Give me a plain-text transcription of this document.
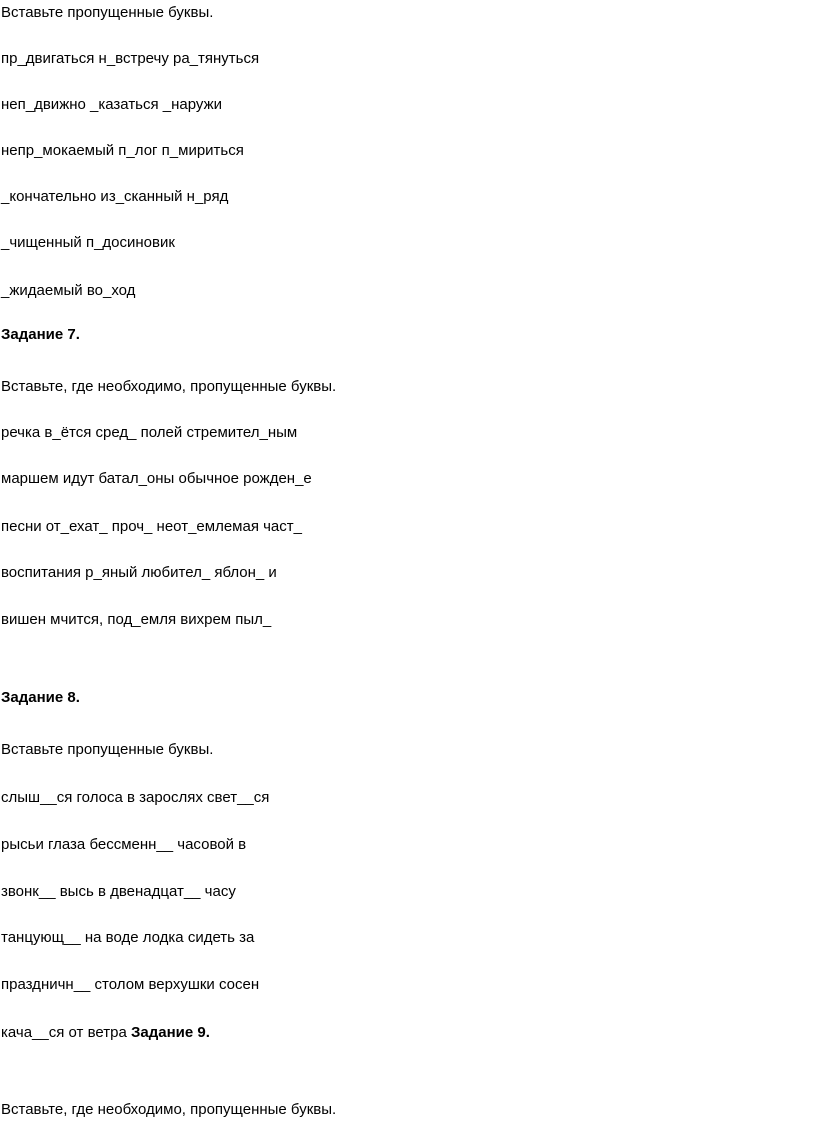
Вставьте пропущенные буквы.
пр_двигаться н_встречу ра_тянуться
неп_движно _казаться _наружи
непр_мокаемый п_лог п_мириться
_кончательно из_сканный н_ряд
_чищенный п_досиновик
_жидаемый во_ход
Задание 7.
Вставьте, где необходимо, пропущенные буквы.
речка в_ётся сред_ полей стремител_ным
маршем идут батал_оны обычное рожден_е
песни от_ехат_ проч_ неот_емлемая част_
воспитания р_яный любител_ яблон_ и
вишен мчится, под_емля вихрем пыл_
Задание 8.
Вставьте пропущенные буквы.
слыш__ся голоса в зарослях свет__ся
рысьи глаза бессменн__ часовой в
звонк__ высь в двенадцат__ часу
танцующ__ на воде лодка сидеть за
праздничн__ столом верхушки сосен
кача__ся от ветра Задание 9.
Вставьте, где необходимо, пропущенные буквы.
